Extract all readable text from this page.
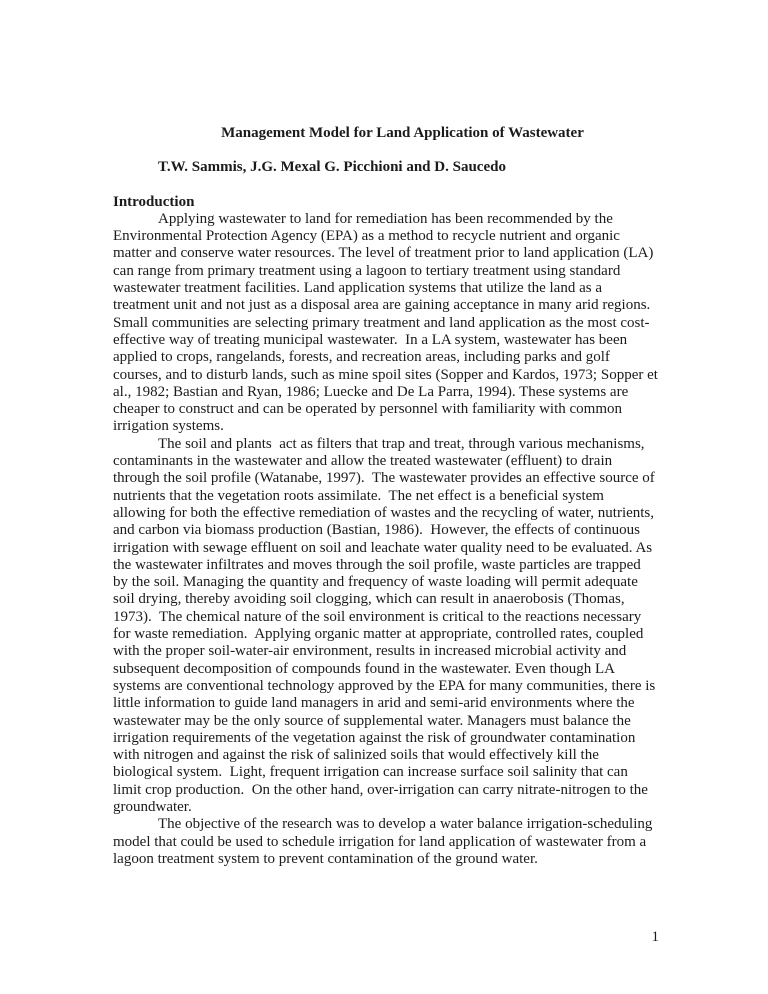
Management Model for Land Application of Wastewater

T.W. Sammis, J.G. Mexal G. Picchioni and D. Saucedo

Introduction

Applying wastewater to land for remediation has been recommended by the Environmental Protection Agency (EPA) as a method to recycle nutrient and organic matter and conserve water resources. The level of treatment prior to land application (LA) can range from primary treatment using a lagoon to tertiary treatment using standard wastewater treatment facilities. Land application systems that utilize the land as a treatment unit and not just as a disposal area are gaining acceptance in many arid regions.  Small communities are selecting primary treatment and land application as the most cost-effective way of treating municipal wastewater.  In a LA system, wastewater has been applied to crops, rangelands, forests, and recreation areas, including parks and golf courses, and to disturb lands, such as mine spoil sites (Sopper and Kardos, 1973; Sopper et al., 1982; Bastian and Ryan, 1986; Luecke and De La Parra, 1994). These systems are cheaper to construct and can be operated by personnel with familiarity with common irrigation systems.

The soil and plants  act as filters that trap and treat, through various mechanisms, contaminants in the wastewater and allow the treated wastewater (effluent) to drain through the soil profile (Watanabe, 1997).  The wastewater provides an effective source of nutrients that the vegetation roots assimilate.  The net effect is a beneficial system allowing for both the effective remediation of wastes and the recycling of water, nutrients, and carbon via biomass production (Bastian, 1986).  However, the effects of continuous irrigation with sewage effluent on soil and leachate water quality need to be evaluated. As the wastewater infiltrates and moves through the soil profile, waste particles are trapped by the soil. Managing the quantity and frequency of waste loading will permit adequate soil drying, thereby avoiding soil clogging, which can result in anaerobosis (Thomas, 1973).  The chemical nature of the soil environment is critical to the reactions necessary for waste remediation.  Applying organic matter at appropriate, controlled rates, coupled with the proper soil-water-air environment, results in increased microbial activity and subsequent decomposition of compounds found in the wastewater. Even though LA systems are conventional technology approved by the EPA for many communities, there is little information to guide land managers in arid and semi-arid environments where the wastewater may be the only source of supplemental water. Managers must balance the irrigation requirements of the vegetation against the risk of groundwater contamination with nitrogen and against the risk of salinized soils that would effectively kill the biological system.  Light, frequent irrigation can increase surface soil salinity that can limit crop production.  On the other hand, over-irrigation can carry nitrate-nitrogen to the groundwater.

The objective of the research was to develop a water balance irrigation-scheduling model that could be used to schedule irrigation for land application of wastewater from a lagoon treatment system to prevent contamination of the ground water.

1
